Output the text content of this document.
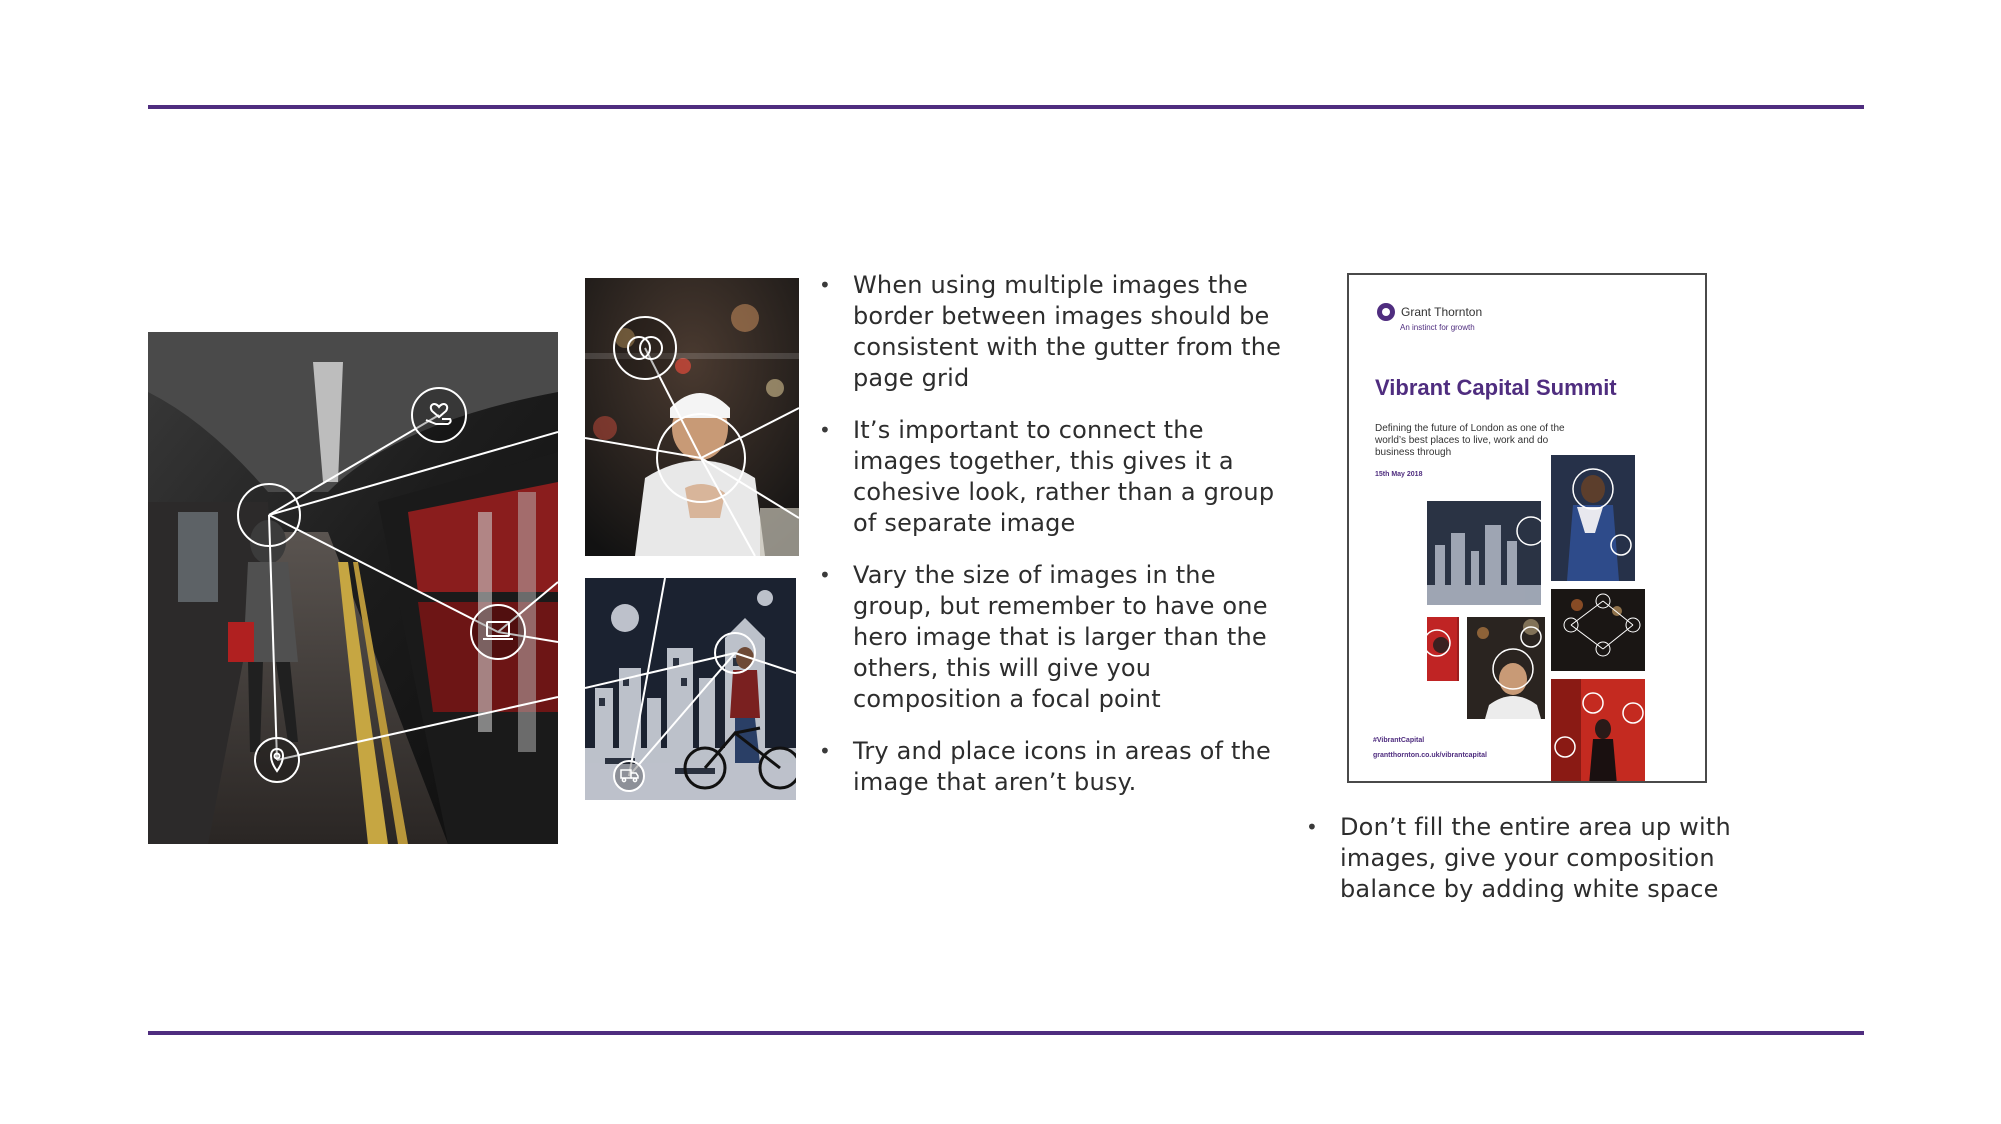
• When using multiple images the border between images should be consistent with the gutter from the page grid
• It’s important to connect the images together, this gives it a cohesive look, rather than a group of separate image
• Vary the size of images in the group, but remember to have one hero image that is larger than the others, this will give you composition a focal point
• Try and place icons in areas of the image that aren’t busy.
Grant Thornton
An instinct for growth
Vibrant Capital Summit
Defining the future of London as one of the world’s best places to live, work and do business through
15th May 2018
#VibrantCapital
grantthornton.co.uk/vibrantcapital
• Don’t fill the entire area up with images, give your composition balance by adding white space
